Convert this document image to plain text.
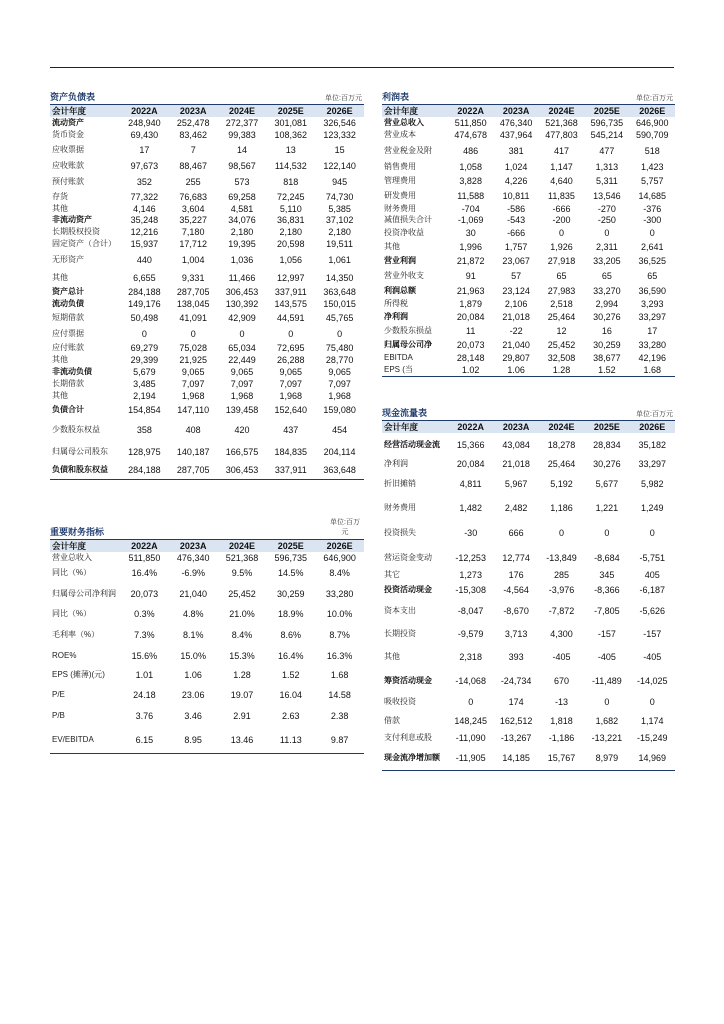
资产负债表	单位:百万元
会计年度	2022A	2023A	2024E	2025E	2026E
流动资产	248,940	252,478	272,377	301,081	326,546
货币资金	69,430	83,462	99,383	108,362	123,332
应收票据	17	7	14	13	15
应收账款	97,673	88,467	98,567	114,532	122,140
预付账款	352	255	573	818	945
存货	77,322	76,683	69,258	72,245	74,730
其他	4,146	3,604	4,581	5,110	5,385
非流动资产	35,248	35,227	34,076	36,831	37,102
长期股权投资	12,216	7,180	2,180	2,180	2,180
固定资产（合计）	15,937	17,712	19,395	20,598	19,511
无形资产	440	1,004	1,036	1,056	1,061
其他	6,655	9,331	11,466	12,997	14,350
资产总计	284,188	287,705	306,453	337,911	363,648
流动负债	149,176	138,045	130,392	143,575	150,015
短期借款	50,498	41,091	42,909	44,591	45,765
应付票据	0	0	0	0	0
应付账款	69,279	75,028	65,034	72,695	75,480
其他	29,399	21,925	22,449	26,288	28,770
非流动负债	5,679	9,065	9,065	9,065	9,065
长期借款	3,485	7,097	7,097	7,097	7,097
其他	2,194	1,968	1,968	1,968	1,968
负债合计	154,854	147,110	139,458	152,640	159,080
少数股东权益	358	408	420	437	454
归属母公司股东	128,975	140,187	166,575	184,835	204,114
负债和股东权益	284,188	287,705	306,453	337,911	363,648
利润表	单位:百万元
会计年度	2022A	2023A	2024E	2025E	2026E
营业总收入	511,850	476,340	521,368	596,735	646,900
营业成本	474,678	437,964	477,803	545,214	590,709
营业税金及附	486	381	417	477	518
销售费用	1,058	1,024	1,147	1,313	1,423
管理费用	3,828	4,226	4,640	5,311	5,757
研发费用	11,588	10,811	11,835	13,546	14,685
财务费用	-704	-586	-666	-270	-376
减值损失合计	-1,069	-543	-200	-250	-300
投资净收益	30	-666	0	0	0
其他	1,996	1,757	1,926	2,311	2,641
营业利润	21,872	23,067	27,918	33,205	36,525
营业外收支	91	57	65	65	65
利润总额	21,963	23,124	27,983	33,270	36,590
所得税	1,879	2,106	2,518	2,994	3,293
净利润	20,084	21,018	25,464	30,276	33,297
少数股东损益	11	-22	12	16	17
归属母公司净	20,073	21,040	25,452	30,259	33,280
EBITDA	28,148	29,807	32,508	38,677	42,196
EPS (当	1.02	1.06	1.28	1.52	1.68
现金流量表	单位:百万元
会计年度	2022A	2023A	2024E	2025E	2026E
经营活动现金流	15,366	43,084	18,278	28,834	35,182
净利润	20,084	21,018	25,464	30,276	33,297
折旧摊销	4,811	5,967	5,192	5,677	5,982
财务费用	1,482	2,482	1,186	1,221	1,249
投资损失	-30	666	0	0	0
营运资金变动	-12,253	12,774	-13,849	-8,684	-5,751
其它	1,273	176	285	345	405
投资活动现金	-15,308	-4,564	-3,976	-8,366	-6,187
资本支出	-8,047	-8,670	-7,872	-7,805	-5,626
长期投资	-9,579	3,713	4,300	-157	-157
其他	2,318	393	-405	-405	-405
筹资活动现金	-14,068	-24,734	670	-11,489	-14,025
吸收投资	0	174	-13	0	0
借款	148,245	162,512	1,818	1,682	1,174
支付利息或股	-11,090	-13,267	-1,186	-13,221	-15,249
现金流净增加额	-11,905	14,185	15,767	8,979	14,969
重要财务指标
单位:百万元
会计年度	2022A	2023A	2024E	2025E	2026E
营业总收入	511,850	476,340	521,368	596,735	646,900
同比（%）	16.4%	-6.9%	9.5%	14.5%	8.4%
归属母公司净利润	20,073	21,040	25,452	30,259	33,280
同比（%）	0.3%	4.8%	21.0%	18.9%	10.0%
毛利率（%）	7.3%	8.1%	8.4%	8.6%	8.7%
ROE%	15.6%	15.0%	15.3%	16.4%	16.3%
EPS (摊薄)(元)	1.01	1.06	1.28	1.52	1.68
P/E	24.18	23.06	19.07	16.04	14.58
P/B	3.76	3.46	2.91	2.63	2.38
EV/EBITDA	6.15	8.95	13.46	11.13	9.87
